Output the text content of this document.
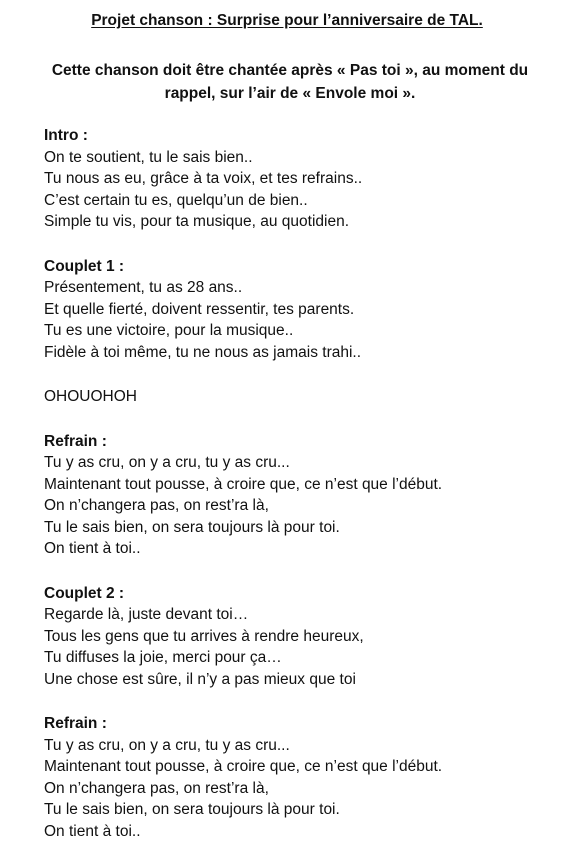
Projet chanson : Surprise pour l’anniversaire de TAL.

Cette chanson doit être chantée après « Pas toi », au moment du rappel, sur l’air de « Envole moi ».

Intro :

On te soutient, tu le sais bien..

Tu nous as eu, grâce à ta voix, et tes refrains..

C’est certain tu es, quelqu’un de bien..

Simple tu vis, pour ta musique, au quotidien.

Couplet 1 :

Présentement, tu as 28 ans..

Et quelle fierté, doivent ressentir, tes parents.

Tu es une victoire, pour la musique..

Fidèle à toi même, tu ne nous as jamais trahi..

OHOUOHOH

Refrain :

Tu y as cru, on y a cru, tu y as cru...

Maintenant tout pousse, à croire que, ce n’est que l’début.

On n’changera pas, on rest’ra là,

Tu le sais bien, on sera toujours là pour toi.

On tient à toi..

Couplet 2 :

Regarde là, juste devant toi…

Tous les gens que tu arrives à rendre heureux,

Tu diffuses la joie, merci pour ça…

Une chose est sûre, il n’y a pas mieux que toi

Refrain :

Tu y as cru, on y a cru, tu y as cru...

Maintenant tout pousse, à croire que, ce n’est que l’début.

On n’changera pas, on rest’ra là,

Tu le sais bien, on sera toujours là pour toi.

On tient à toi..
